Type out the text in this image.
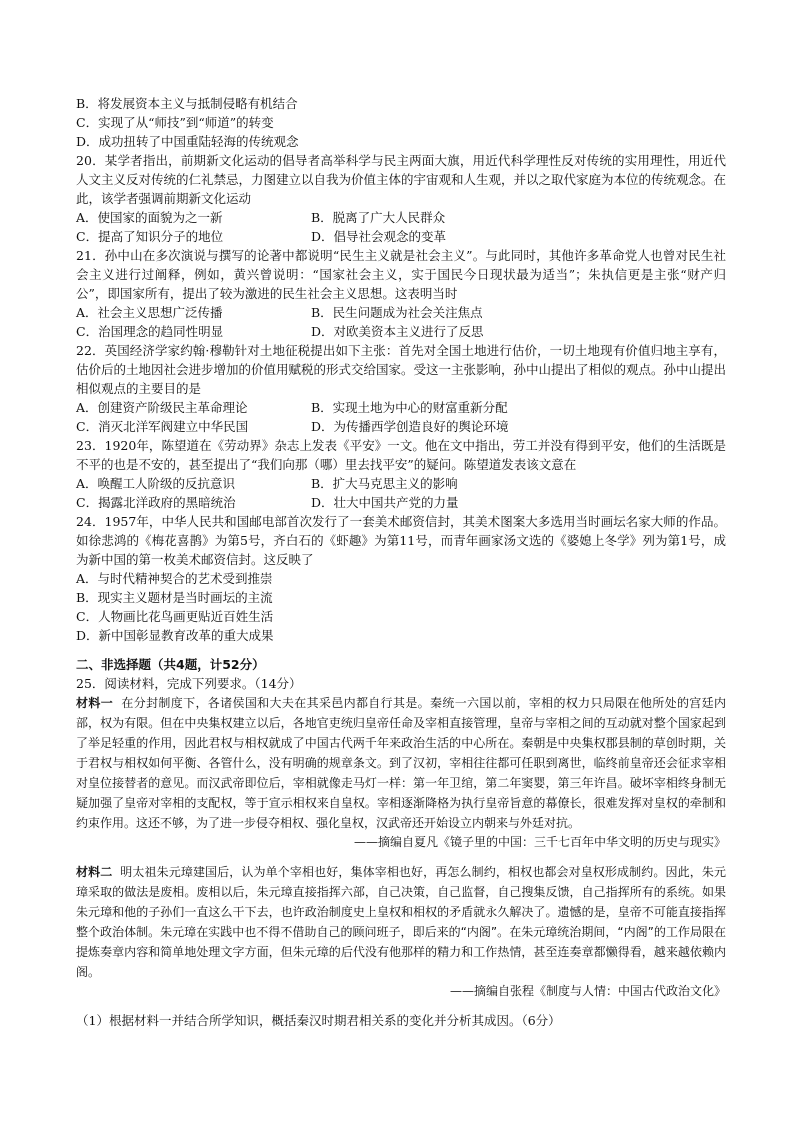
B．将发展资本主义与抵制侵略有机结合
C．实现了从“师技”到“师道”的转变
D．成功扭转了中国重陆轻海的传统观念
20．某学者指出，前期新文化运动的倡导者高举科学与民主两面大旗，用近代科学理性反对传统的实用理性，用近代人文主义反对传统的仁礼禁忌，力图建立以自我为价值主体的宇宙观和人生观，并以之取代家庭为本位的传统观念。在此，该学者强调前期新文化运动
A．使国家的面貌为之一新	B．脱离了广大人民群众
C．提高了知识分子的地位	D．倡导社会观念的变革
21．孙中山在多次演说与撰写的论著中都说明“民生主义就是社会主义”。与此同时，其他许多革命党人也曾对民生社会主义进行过阐释，例如，黄兴曾说明：“国家社会主义，实于国民今日现状最为适当”；朱执信更是主张“财产归公”，即国家所有，提出了较为激进的民生社会主义思想。这表明当时
A．社会主义思想广泛传播	B．民生问题成为社会关注焦点
C．治国理念的趋同性明显	D．对欧美资本主义进行了反思
22．英国经济学家约翰·穆勒针对土地征税提出如下主张：首先对全国土地进行估价，一切土地现有价值归地主享有，估价后的土地因社会进步增加的价值用赋税的形式交给国家。受这一主张影响，孙中山提出了相似的观点。孙中山提出相似观点的主要目的是
A．创建资产阶级民主革命理论	B．实现土地为中心的财富重新分配
C．消灭北洋军阀建立中华民国	D．为传播西学创造良好的舆论环境
23．1920年，陈望道在《劳动界》杂志上发表《平安》一文。他在文中指出，劳工并没有得到平安，他们的生活既是不平的也是不安的，甚至提出了“我们向那（哪）里去找平安”的疑问。陈望道发表该文意在
A．唤醒工人阶级的反抗意识	B．扩大马克思主义的影响
C．揭露北洋政府的黑暗统治	D．壮大中国共产党的力量
24．1957年，中华人民共和国邮电部首次发行了一套美术邮资信封，其美术图案大多选用当时画坛名家大师的作品。如徐悲鸿的《梅花喜鹊》为第5号，齐白石的《虾趣》为第11号，而青年画家汤文选的《婆媳上冬学》列为第1号，成为新中国的第一枚美术邮资信封。这反映了
A．与时代精神契合的艺术受到推崇
B．现实主义题材是当时画坛的主流
C．人物画比花鸟画更贴近百姓生活
D．新中国彰显教育改革的重大成果
二、非选择题（共4题，计52分）
25．阅读材料，完成下列要求。（14分）
材料一 在分封制度下，各诸侯国和大夫在其采邑内都自行其是。秦统一六国以前，宰相的权力只局限在他所处的宫廷内部，权为有限。但在中央集权建立以后，各地官吏统归皇帝任命及宰相直接管理，皇帝与宰相之间的互动就对整个国家起到了举足轻重的作用，因此君权与相权就成了中国古代两千年来政治生活的中心所在。秦朝是中央集权郡县制的草创时期，关于君权与相权如何平衡、各管什么，没有明确的规章条文。到了汉初，宰相往往都可任职到离世，临终前皇帝还会征求宰相对皇位接替者的意见。而汉武帝即位后，宰相就像走马灯一样：第一年卫绾，第二年窦婴，第三年许昌。破坏宰相终身制无疑加强了皇帝对宰相的支配权，等于宣示相权来自皇权。宰相逐渐降格为执行皇帝旨意的幕僚长，很难发挥对皇权的牵制和约束作用。这还不够，为了进一步侵夺相权、强化皇权，汉武帝还开始设立内朝来与外廷对抗。
——摘编自夏凡《镜子里的中国：三千七百年中华文明的历史与现实》
材料二 明太祖朱元璋建国后，认为单个宰相也好，集体宰相也好，再怎么制约，相权也都会对皇权形成制约。因此，朱元璋采取的做法是废相。废相以后，朱元璋直接指挥六部，自己决策，自己监督，自己搜集反馈，自己指挥所有的系统。如果朱元璋和他的子孙们一直这么干下去，也许政治制度史上皇权和相权的矛盾就永久解决了。遗憾的是，皇帝不可能直接指挥整个政治体制。朱元璋在实践中也不得不借助自己的顾问班子，即后来的“内阁”。在朱元璋统治期间，“内阁”的工作局限在提炼奏章内容和简单地处理文字方面，但朱元璋的后代没有他那样的精力和工作热情，甚至连奏章都懒得看，越来越依赖内阁。
——摘编自张程《制度与人情：中国古代政治文化》
（1）根据材料一并结合所学知识，概括秦汉时期君相关系的变化并分析其成因。（6分）
